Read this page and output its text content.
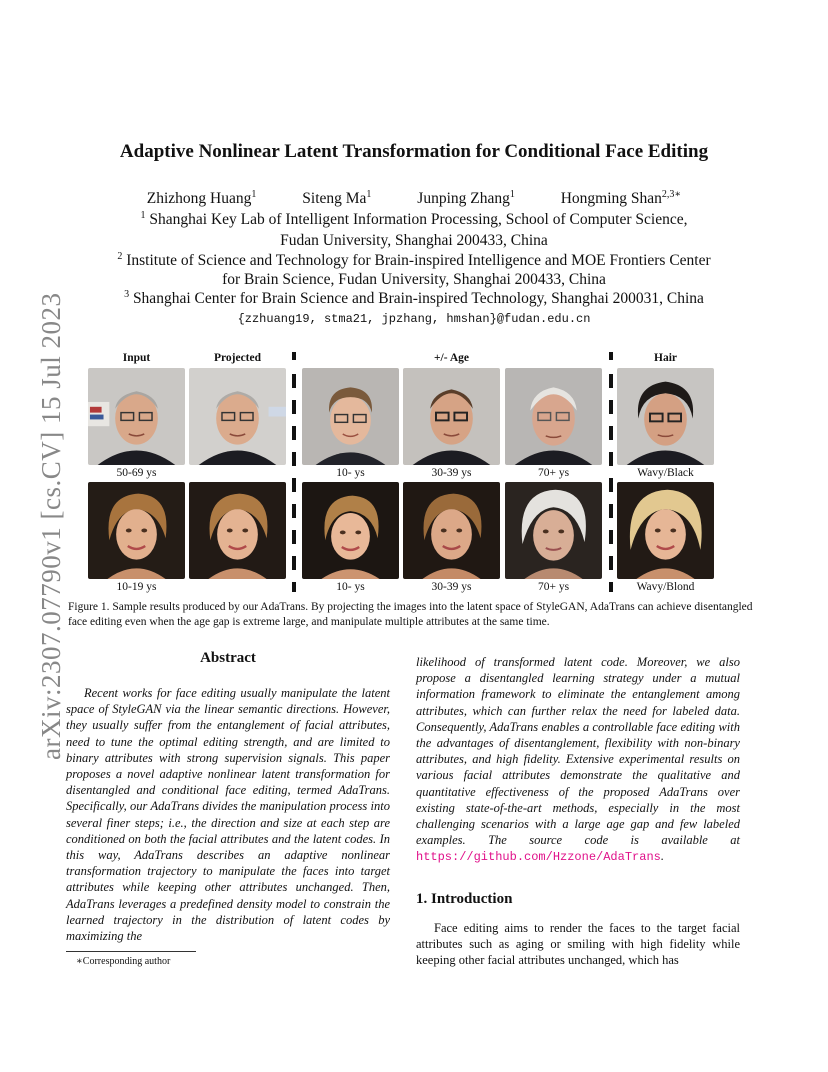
arXiv:2307.07790v1 [cs.CV] 15 Jul 2023
Adaptive Nonlinear Latent Transformation for Conditional Face Editing
Zhizhong Huang$^1$	Siteng Ma$^1$	Junping Zhang$^1$	Hongming Shan$^{2,3∗}$
$^1$ Shanghai Key Lab of Intelligent Information Processing, School of Computer Science,
Fudan University, Shanghai 200433, China
$^2$ Institute of Science and Technology for Brain-inspired Intelligence and MOE Frontiers Center
for Brain Science, Fudan University, Shanghai 200433, China
$^3$ Shanghai Center for Brain Science and Brain-inspired Technology, Shanghai 200031, China
{zzhuang19, stma21, jpzhang, hmshan}@fudan.edu.cn
Input	Projected	+/- Age	Hair
50-69 ys	10- ys	30-39 ys	70+ ys	Wavy/Black
10-19 ys	10- ys	30-39 ys	70+ ys	Wavy/Blond
Figure 1. Sample results produced by our AdaTrans. By projecting the images into the latent space of StyleGAN, AdaTrans can achieve disentangled face editing even when the age gap is extreme large, and manipulate multiple attributes at the same time.
Abstract

Recent works for face editing usually manipulate the latent space of StyleGAN via the linear semantic directions. However, they usually suffer from the entanglement of facial attributes, need to tune the optimal editing strength, and are limited to binary attributes with strong supervision signals. This paper proposes a novel adaptive nonlinear latent transformation for disentangled and conditional face editing, termed AdaTrans. Specifically, our AdaTrans divides the manipulation process into several finer steps; i.e., the direction and size at each step are conditioned on both the facial attributes and the latent codes. In this way, AdaTrans describes an adaptive nonlinear transformation trajectory to manipulate the faces into target attributes while keeping other attributes unchanged. Then, AdaTrans leverages a predefined density model to constrain the learned trajectory in the distribution of latent codes by maximizing the

likelihood of transformed latent code. Moreover, we also propose a disentangled learning strategy under a mutual information framework to eliminate the entanglement among attributes, which can further relax the need for labeled data. Consequently, AdaTrans enables a controllable face editing with the advantages of disentanglement, flexibility with non-binary attributes, and high fidelity. Extensive experimental results on various facial attributes demonstrate the qualitative and quantitative effectiveness of the proposed AdaTrans over existing state-of-the-art methods, especially in the most challenging scenarios with a large age gap and few labeled examples. The source code is available at https://github.com/Hzzone/AdaTrans.

1. Introduction

Face editing aims to render the faces to the target facial attributes such as aging or smiling with high fidelity while keeping other facial attributes unchanged, which has

∗Corresponding author
